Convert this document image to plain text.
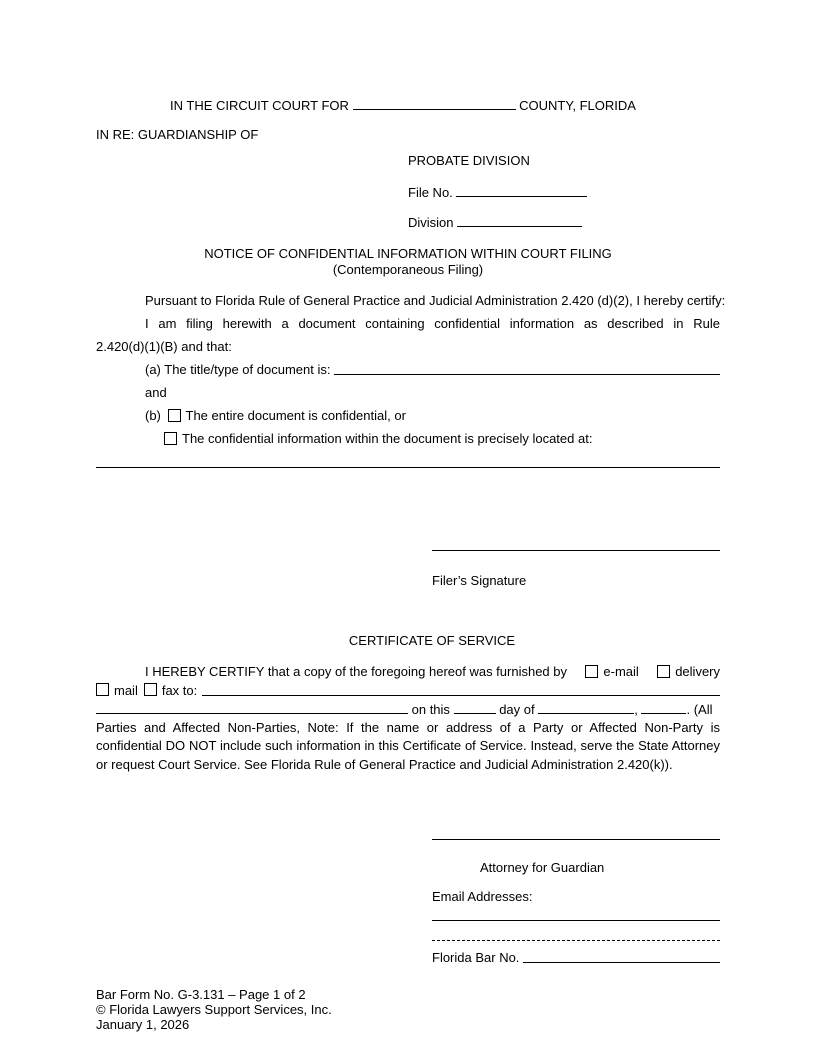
IN THE CIRCUIT COURT FOR	COUNTY, FLORIDA
IN RE: GUARDIANSHIP OF
PROBATE DIVISION
File No.
Division
NOTICE OF CONFIDENTIAL INFORMATION WITHIN COURT FILING
(Contemporaneous Filing)
Pursuant to Florida Rule of General Practice and Judicial Administration 2.420 (d)(2), I hereby certify:
I am filing herewith a document containing confidential information as described in Rule
2.420(d)(1)(B) and that:
(a) The title/type of document is:
and
(b) The entire document is confidential, or
The confidential information within the document is precisely located at:
Filer’s Signature
CERTIFICATE OF SERVICE
I HEREBY CERTIFY that a copy of the foregoing hereof was furnished by	e-mail	delivery
mail fax to:
on this	day of	,	. (All
Parties and Affected Non-Parties, Note: If the name or address of a Party or Affected Non-Party is confidential DO NOT include such information in this Certificate of Service. Instead, serve the State Attorney or request Court Service. See Florida Rule of General Practice and Judicial Administration 2.420(k)).
Attorney for Guardian
Email Addresses:
Florida Bar No.
Bar Form No. G-3.131 – Page 1 of 2
© Florida Lawyers Support Services, Inc.
January 1, 2026
